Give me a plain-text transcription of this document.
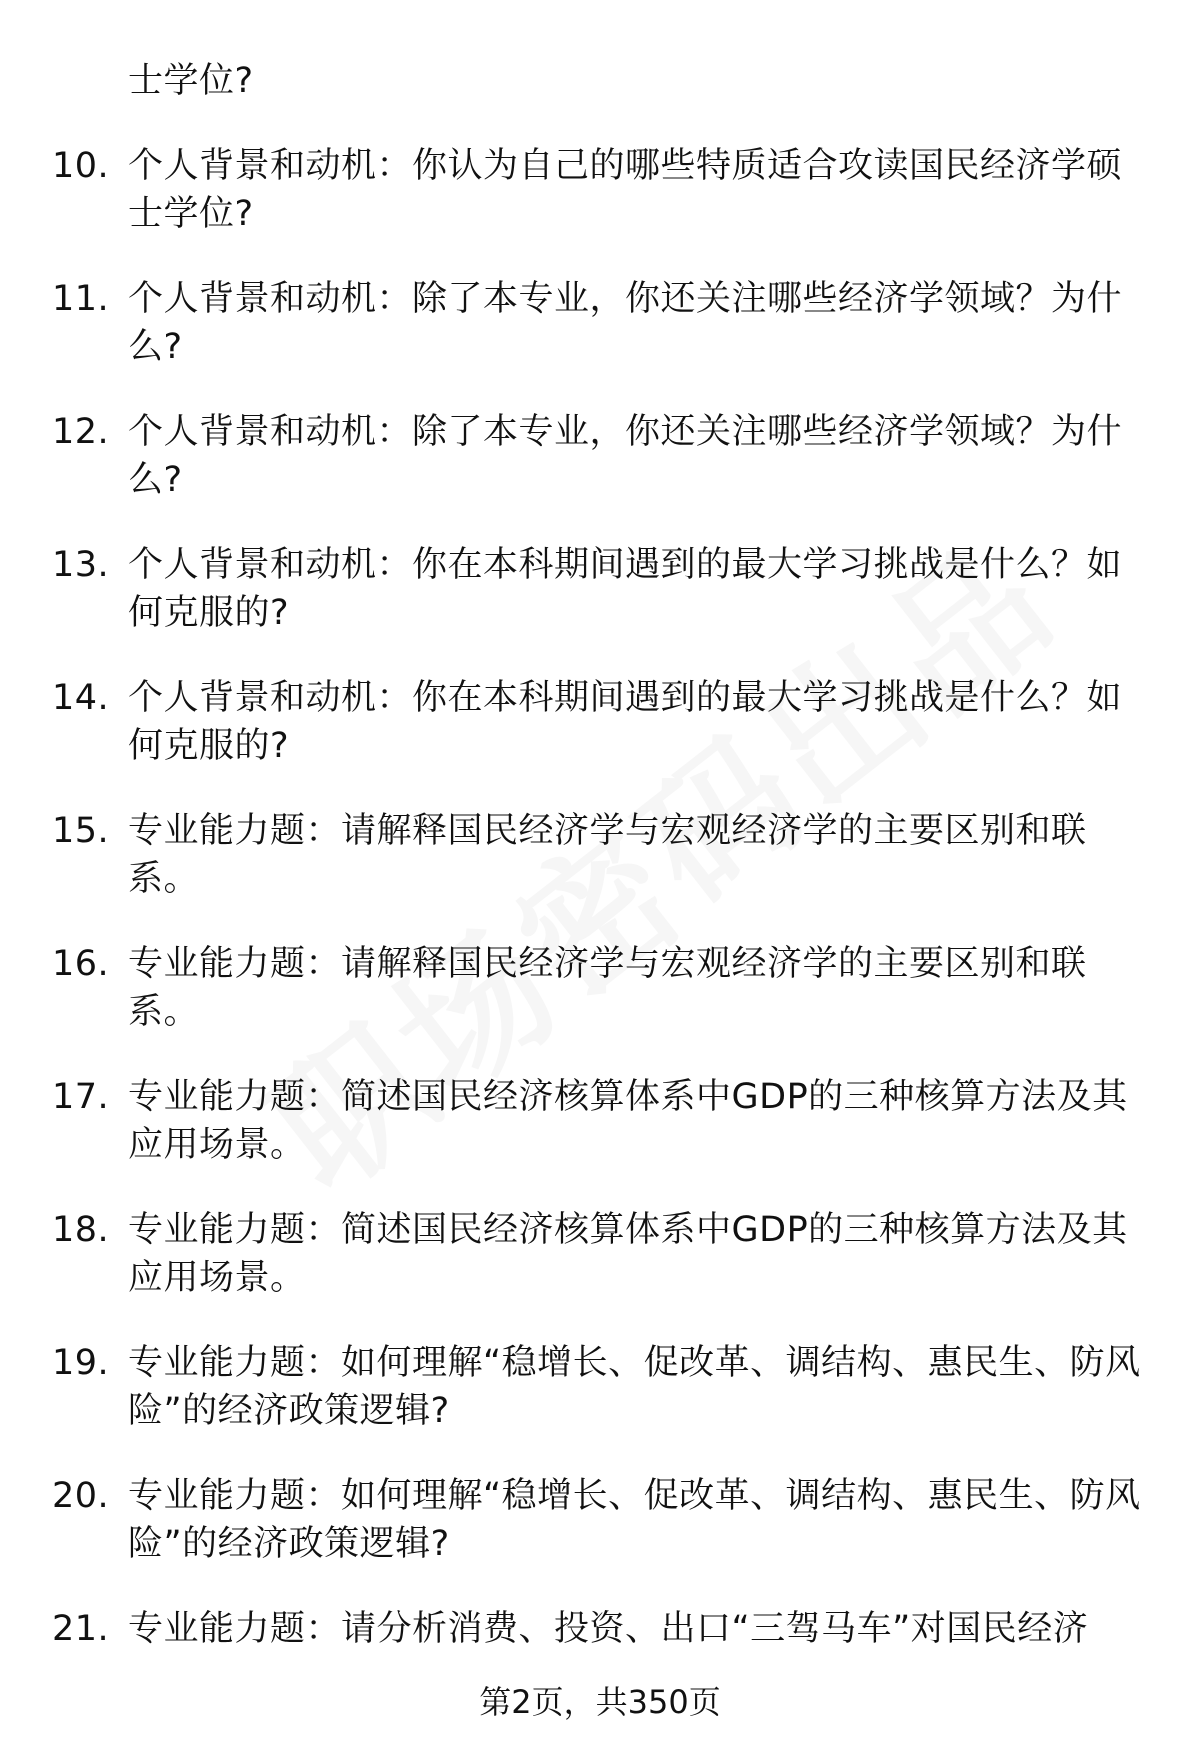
士学位?
10. 个人背景和动机：你认为自己的哪些特质适合攻读国民经济学硕士学位?
11. 个人背景和动机：除了本专业，你还关注哪些经济学领域？为什么?
12. 个人背景和动机：除了本专业，你还关注哪些经济学领域？为什么?
13. 个人背景和动机：你在本科期间遇到的最大学习挑战是什么？如何克服的?
14. 个人背景和动机：你在本科期间遇到的最大学习挑战是什么？如何克服的?
15. 专业能力题：请解释国民经济学与宏观经济学的主要区别和联系。
16. 专业能力题：请解释国民经济学与宏观经济学的主要区别和联系。
17. 专业能力题：简述国民经济核算体系中GDP的三种核算方法及其应用场景。
18. 专业能力题：简述国民经济核算体系中GDP的三种核算方法及其应用场景。
19. 专业能力题：如何理解“稳增长、促改革、调结构、惠民生、防风险”的经济政策逻辑?
20. 专业能力题：如何理解“稳增长、促改革、调结构、惠民生、防风险”的经济政策逻辑?
21. 专业能力题：请分析消费、投资、出口“三驾马车”对国民经济
第2页，共350页
